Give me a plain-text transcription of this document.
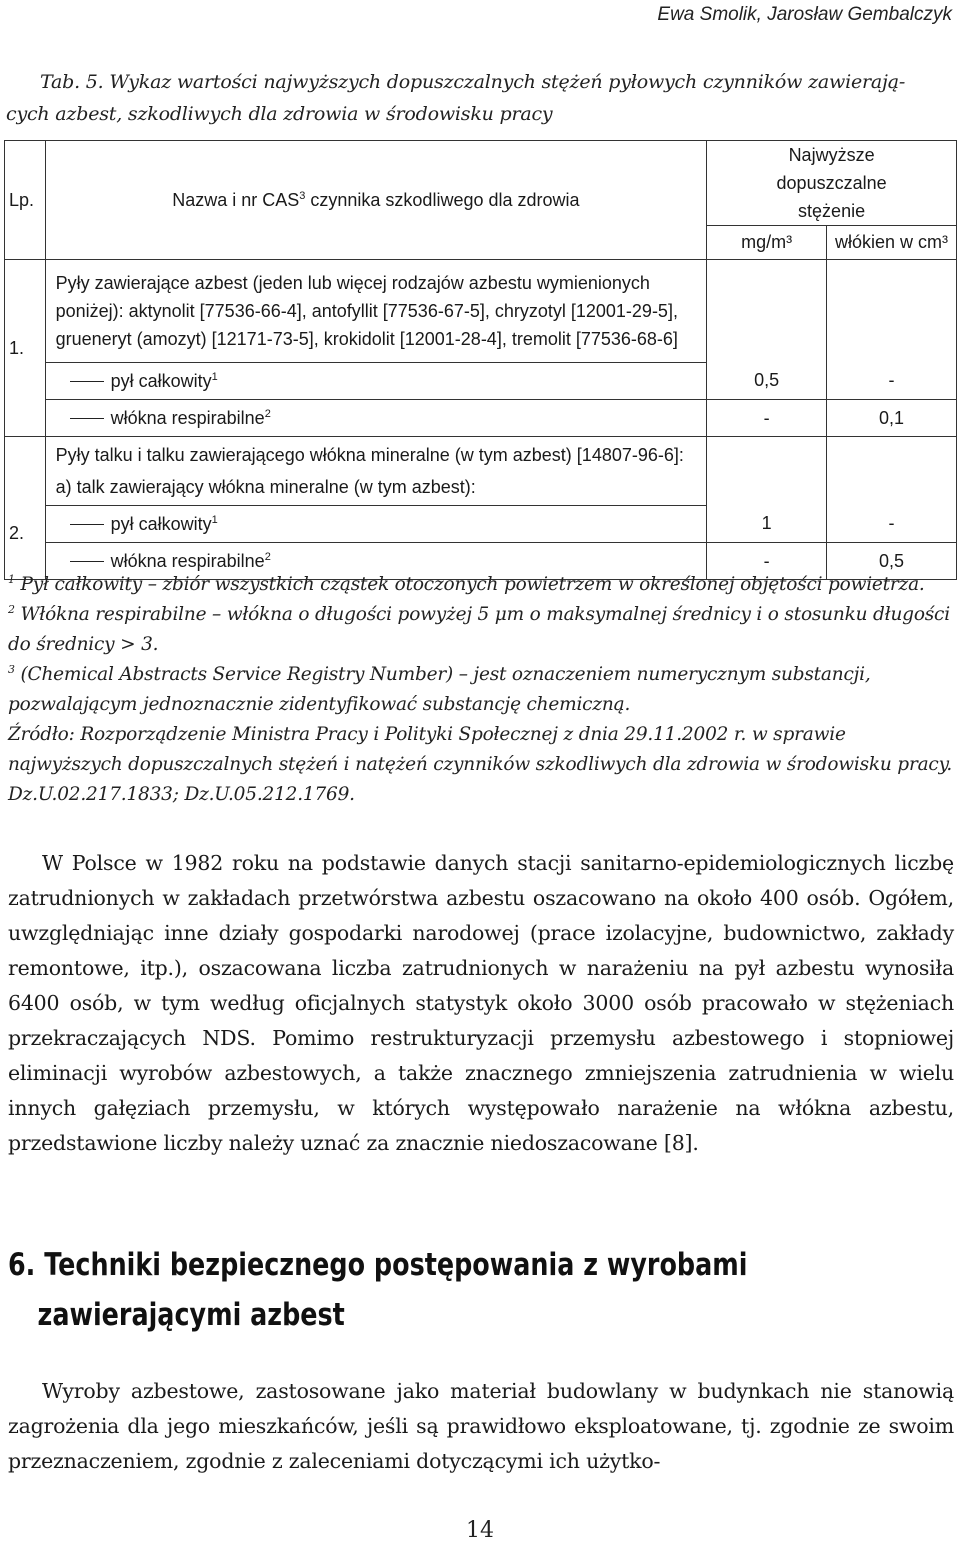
Ewa Smolik, Jarosław Gembalczyk
Tab. 5. Wykaz wartości najwyższych dopuszczalnych stężeń pyłowych czynników zawierają-
cych azbest, szkodliwych dla zdrowia w środowisku pracy
Lp.	Nazwa i nr CAS$^3$ czynnika szkodliwego dla zdrowia	Najwyższe dopuszczalne stężenie	
		mg/m³	włókien w cm³
1.	Pyły zawierające azbest (jeden lub więcej rodzajów azbestu wymienionych poniżej): aktynolit [77536-66-4], antofyllit [77536-67-5], chryzotyl [12001-29-5], grueneryt (amozyt) [12171-73-5], krokidolit [12001-28-4], tremolit [77536-68-6]		
	pył całkowity$^1$	0,5	-
	włókna respirabilne$^2$	-	0,1
2.	Pyły talku i talku zawierającego włókna mineralne (w tym azbest) [14807-96-6]:
a) talk zawierający włókna mineralne (w tym azbest):		

	pył całkowity$^1$	1	-
	włókna respirabilne$^2$	-	0,5

$^1$ Pył całkowity – zbiór wszystkich cząstek otoczonych powietrzem w określonej objętości powietrza.

$^2$ Włókna respirabilne – włókna o długości powyżej 5 μm o maksymalnej średnicy i o stosunku długości do średnicy > 3.

$^3$ (Chemical Abstracts Service Registry Number) – jest oznaczeniem numerycznym substancji, pozwalającym jednoznacznie zidentyfikować substancję chemiczną.

Źródło: Rozporządzenie Ministra Pracy i Polityki Społecznej z dnia 29.11.2002 r. w sprawie najwyższych dopuszczalnych stężeń i natężeń czynników szkodliwych dla zdrowia w środowisku pracy. Dz.U.02.217.1833; Dz.U.05.212.1769.

W Polsce w 1982 roku na podstawie danych stacji sanitarno-epidemiologicznych liczbę zatrudnionych w zakładach przetwórstwa azbestu oszacowano na około 400 osób. Ogółem, uwzględniając inne działy gospodarki narodowej (prace izolacyjne, budownictwo, zakłady remontowe, itp.), oszacowana liczba zatrudnionych w narażeniu na pył azbestu wynosiła 6400 osób, w tym według oficjalnych statystyk około 3000 osób pracowało w stężeniach przekraczających NDS. Pomimo restrukturyzacji przemysłu azbestowego i stopniowej eliminacji wyrobów azbestowych, a także znacznego zmniejszenia zatrudnienia w wielu innych gałęziach przemysłu, w których występowało narażenie na włókna azbestu, przedstawione liczby należy uznać za znacznie niedoszacowane [8].

6. Techniki bezpiecznego postępowania z wyrobami
zawierającymi azbest

Wyroby azbestowe, zastosowane jako materiał budowlany w budynkach nie stanowią zagrożenia dla jego mieszkańców, jeśli są prawidłowo eksploatowane, tj. zgodnie ze swoim przeznaczeniem, zgodnie z zaleceniami dotyczącymi ich użytko-

14
